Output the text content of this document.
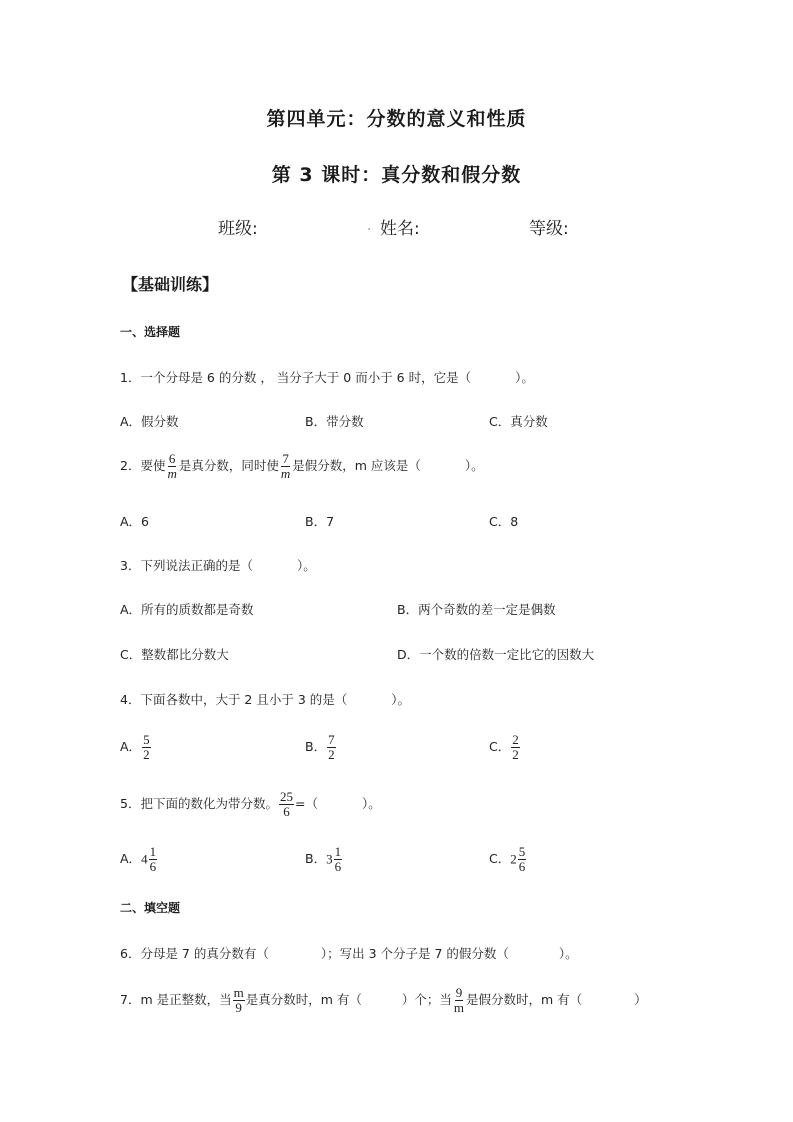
第四单元：分数的意义和性质
第 3 课时：真分数和假分数
班级:	. 姓名:	等级:
【基础训练】
一、选择题
1．一个分母是 6 的分数 ， 当分子大于 0 而小于 6 时，它是（	）。
A．假分数	B．带分数	C．真分数
2．要使 $\frac{6}{m}$ 是真分数，同时使 $\frac{7}{m}$ 是假分数，m 应该是（	）。
A．6	B．7	C．8
3．下列说法正确的是（	）。
A．所有的质数都是奇数	B．两个奇数的差一定是偶数
C．整数都比分数大	D．一个数的倍数一定比它的因数大
4．下面各数中，大于 2 且小于 3 的是（	）。
A． $\frac{5}{2}$	B． $\frac{7}{2}$	C． $\frac{2}{2}$
5．把下面的数化为带分数。 $\frac{25}{6}$ =（	）。
A．$4 \frac{1}{6}$	B．$3 \frac{1}{6}$	C．$2 \frac{5}{6}$
二、填空题
6．分母是 7 的真分数有（	）；写出 3 个分子是 7 的假分数（	）。
7．m 是正整数，当 $\frac{m}{9}$ 是真分数时，m 有（	）个；当 $\frac{9}{m}$ 是假分数时，m 有（	）
